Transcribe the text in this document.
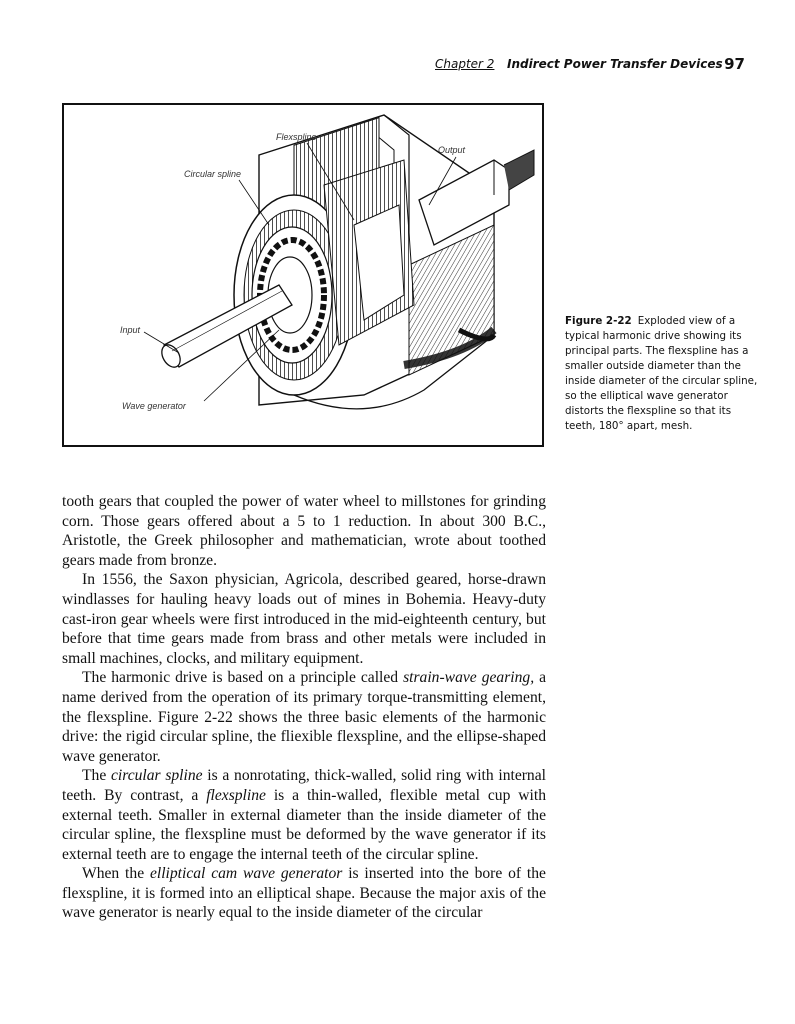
Chapter 2 Indirect Power Transfer Devices 97
Flexspline
Circular spline
Output
Input
Wave generator
Figure 2-22 Exploded view of a typical harmonic drive showing its principal parts. The flexspline has a smaller outside diameter than the inside diameter of the circular spline, so the elliptical wave generator distorts the flexspline so that its teeth, 180° apart, mesh.

tooth gears that coupled the power of water wheel to millstones for grinding corn. Those gears offered about a 5 to 1 reduction. In about 300 B.C., Aristotle, the Greek philosopher and mathematician, wrote about toothed gears made from bronze.

In 1556, the Saxon physician, Agricola, described geared, horse-drawn windlasses for hauling heavy loads out of mines in Bohemia. Heavy-duty cast-iron gear wheels were first introduced in the mid-eighteenth century, but before that time gears made from brass and other metals were included in small machines, clocks, and military equipment.

The harmonic drive is based on a principle called strain-wave gearing, a name derived from the operation of its primary torque-transmitting element, the flexspline. Figure 2-22 shows the three basic elements of the harmonic drive: the rigid circular spline, the fliexible flexspline, and the ellipse-shaped wave generator.

The circular spline is a nonrotating, thick-walled, solid ring with internal teeth. By contrast, a flexspline is a thin-walled, flexible metal cup with external teeth. Smaller in external diameter than the inside diameter of the circular spline, the flexspline must be deformed by the wave generator if its external teeth are to engage the internal teeth of the circular spline.

When the elliptical cam wave generator is inserted into the bore of the flexspline, it is formed into an elliptical shape. Because the major axis of the wave generator is nearly equal to the inside diameter of the circular
